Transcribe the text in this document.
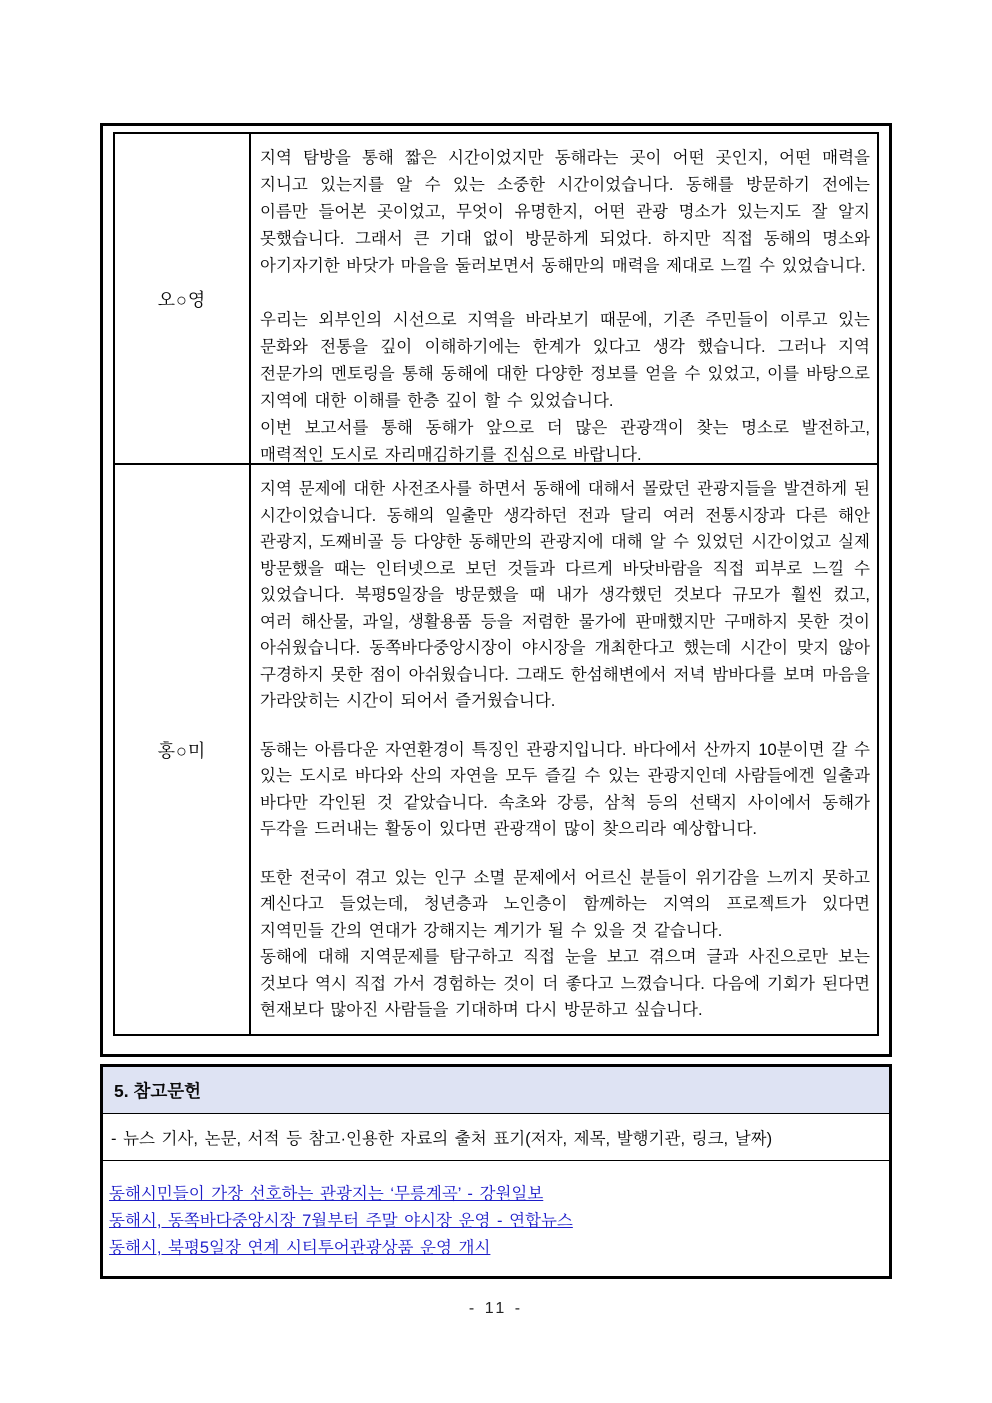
오○영

지역 탐방을 통해 짧은 시간이었지만 동해라는 곳이 어떤 곳인지, 어떤 매력을 지니고 있는지를 알 수 있는 소중한 시간이었습니다. 동해를 방문하기 전에는 이름만 들어본 곳이었고, 무엇이 유명한지, 어떤 관광 명소가 있는지도 잘 알지 못했습니다. 그래서 큰 기대 없이 방문하게 되었다. 하지만 직접 동해의 명소와 아기자기한 바닷가 마을을 둘러보면서 동해만의 매력을 제대로 느낄 수 있었습니다.

우리는 외부인의 시선으로 지역을 바라보기 때문에, 기존 주민들이 이루고 있는 문화와 전통을 깊이 이해하기에는 한계가 있다고 생각 했습니다. 그러나 지역 전문가의 멘토링을 통해 동해에 대한 다양한 정보를 얻을 수 있었고, 이를 바탕으로 지역에 대한 이해를 한층 깊이 할 수 있었습니다.

이번 보고서를 통해 동해가 앞으로 더 많은 관광객이 찾는 명소로 발전하고, 매력적인 도시로 자리매김하기를 진심으로 바랍니다.

홍○미

지역 문제에 대한 사전조사를 하면서 동해에 대해서 몰랐던 관광지들을 발견하게 된 시간이었습니다. 동해의 일출만 생각하던 전과 달리 여러 전통시장과 다른 해안 관광지, 도째비골 등 다양한 동해만의 관광지에 대해 알 수 있었던 시간이었고 실제 방문했을 때는 인터넷으로 보던 것들과 다르게 바닷바람을 직접 피부로 느낄 수 있었습니다. 북평5일장을 방문했을 때 내가 생각했던 것보다 규모가 훨씬 컸고, 여러 해산물, 과일, 생활용품 등을 저렴한 물가에 판매했지만 구매하지 못한 것이 아쉬웠습니다. 동쪽바다중앙시장이 야시장을 개최한다고 했는데 시간이 맞지 않아 구경하지 못한 점이 아쉬웠습니다. 그래도 한섬해변에서 저녁 밤바다를 보며 마음을 가라앉히는 시간이 되어서 즐거웠습니다.

동해는 아름다운 자연환경이 특징인 관광지입니다. 바다에서 산까지 10분이면 갈 수 있는 도시로 바다와 산의 자연을 모두 즐길 수 있는 관광지인데 사람들에겐 일출과 바다만 각인된 것 같았습니다. 속초와 강릉, 삼척 등의 선택지 사이에서 동해가 두각을 드러내는 활동이 있다면 관광객이 많이 찾으리라 예상합니다.

또한 전국이 겪고 있는 인구 소멸 문제에서 어르신 분들이 위기감을 느끼지 못하고 계신다고 들었는데, 청년층과 노인층이 함께하는 지역의 프로젝트가 있다면 지역민들 간의 연대가 강해지는 계기가 될 수 있을 것 같습니다.

동해에 대해 지역문제를 탐구하고 직접 눈을 보고 겪으며 글과 사진으로만 보는 것보다 역시 직접 가서 경험하는 것이 더 좋다고 느꼈습니다. 다음에 기회가 된다면 현재보다 많아진 사람들을 기대하며 다시 방문하고 싶습니다.

5. 참고문헌
- 뉴스 기사, 논문, 서적 등 참고·인용한 자료의 출처 표기(저자, 제목, 발행기관, 링크, 날짜)
동해시민들이 가장 선호하는 관광지는 ‘무릉계곡’ - 강원일보
동해시, 동쪽바다중앙시장 7월부터 주말 야시장 운영 - 연합뉴스
동해시, 북평5일장 연계 시티투어관광상품 운영 개시
- 11 -
